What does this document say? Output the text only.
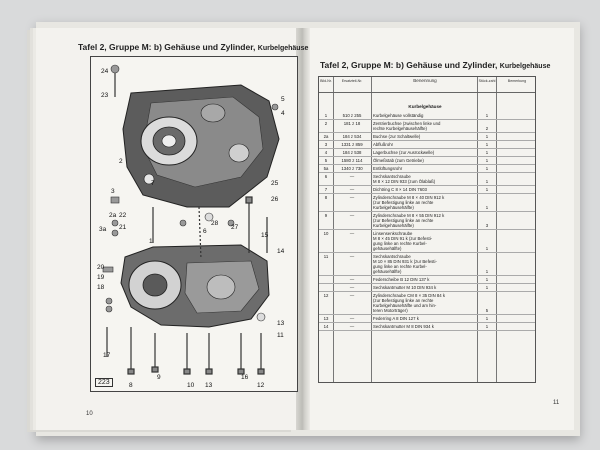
Tafel 2, Gruppe M: b) Gehäuse und Zylinder, Kurbelgehäuse
24
23
2
5
4
3
2a
7	25
26
3a
22
21
6
28
27
15
14
20
19
18
1
16
9
10
17
8	13	12
11
13
223
10
Tafel 2, Gruppe M: b) Gehäuse und Zylinder, Kurbelgehäuse
Bild-Nr.	Ersatzteil-Nr.	Benennung	Stück-zahl	Bemerkung
Kurbelgehäuse
1	510 z 255	Kurbelgehäuse vollständig	1
2	181 z 18	Zentrierbuchse (zwischen linke und
rechte Kurbelgehäusehälfte)	2
2a	184 z 534	Buchse (zur Schaltwelle)	1
3	1331 z 859	Abflußrohr	1
4	184 z 538	Lagerbuchse (zur Ausrückwelle)	1
5	1580 z 114	Ölmeßstab (zum Getriebe)	1
5a	1340 z 730	Entlüftungsrohr	1
6	—	Sechskantschraube
M 8 × 12 DIN 933 (zum Ölablaß)	1
7	—	Dichtring C 8 × 14 DIN 7603	1
8	—	Zylinderschraube M 8 × 40 DIN 912 k
(zur Befestigung linke an rechte
Kurbelgehäusehälfte)	1
9	—	Zylinderschraube M 8 × 55 DIN 912 k
(zur Befestigung linke an rechte
Kurbelgehäusehälfte)	3
10	—	Linsensenkschraube
M 8 × 45 DIN 91 k (zur Befesti-
gung linke an rechte Kurbel-
gehäusehälfte)	1
11	—	Sechskantschraube
M 10 × 85 DIN 931 k (zur Befesti-
gung linke an rechte Kurbel-
gehäusehälfte)	1
—	Federscheibe B 12 DIN 137 k	1
—	Sechskantmutter M 10 DIN 934 k	1
12	—	Zylinderschraube CM 8 × 35 DIN 84 k
(zur Befestigung linke an rechte
Kurbelgehäusehälfte und am hin-
teren Motorträger)	5
13	—	Federring A 8 DIN 127 k	1
14	—	Sechskantmutter M 8 DIN 934 k	1
11
